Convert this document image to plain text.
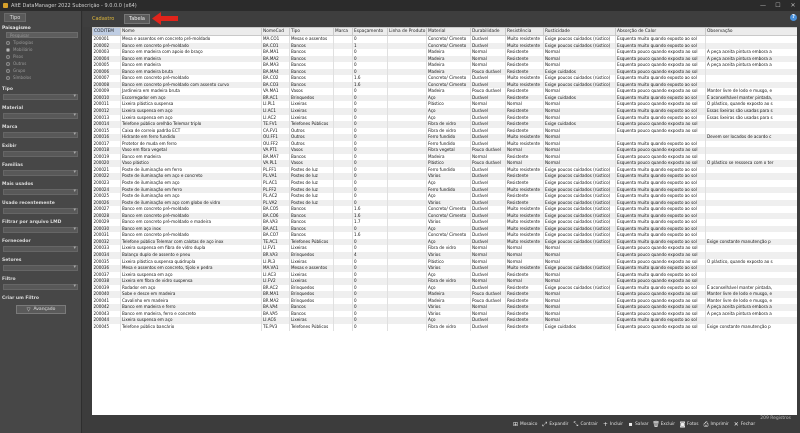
AltE DataManager 2022 Subscrição - 9.0.0.0 (x64)	—	☐	✕
Tipo
Paisagismo
Pesquisar
Tipologias
Mobiliário
Pisos
Outros
Grupo
Símbolos
Tipo
▾
Material
▾
Marca
▾
Exibir
▾
Familias
▾
Mais usados
▾
Usado recentemente
▾
Filtrar por arquivo LMD
▾
Fornecedor
▾
Setores
▾
Filtro
▾
Criar um Filtro
▽ Avançado
Cadastro	Tabela	?
CODITEM	Nome	NomeCod	Tipo	Marca	Espaçamento	Linha de Produto	Material	Durabilidade	Resistência	Rusticidade	Absorção de Calor	Observação
200001	Mesa e assentos em concreto pré-moldado	MA.CO1	Mesas e assentos		0		Concreto/ Cimento	Durável	Muito resistente	Exige poucos cuidados (rústico)	Esquenta muito quando exposto ao sol	
200002	Banco em concreto pré-moldado	BA.CO1	Bancos		1		Concreto/ Cimento	Durável	Muito resistente	Exige poucos cuidados (rústico)	Esquenta muito quando exposto ao sol	
200003	Banco em madeira com apoio de braço	BA.MA1	Bancos		0		Madeira	Normal	Resistente	Normal	Esquenta pouco quando exposto ao sol	A peça aceita pintura embora a
200004	Banco em madeira	BA.MA2	Bancos		0		Madeira	Normal	Resistente	Normal	Esquenta pouco quando exposto ao sol	A peça aceita pintura embora a
200005	Banco em madeira	BA.MA3	Bancos		0		Madeira	Normal	Resistente	Normal	Esquenta pouco quando exposto ao sol	A peça aceita pintura embora a
200006	Banco em madeira bruta	BA.MA4	Bancos		0		Madeira	Pouco durável	Resistente	Exige cuidados	Esquenta pouco quando exposto ao sol	
200007	Banco em concreto pré-moldado	BA.CO2	Bancos		1.6		Concreto/ Cimento	Durável	Muito resistente	Exige poucos cuidados (rústico)	Esquenta muito quando exposto ao sol	
200008	Banco em concreto pré-moldado com assento curvo	BA.CO3	Bancos		1.6		Concreto/ Cimento	Durável	Muito resistente	Exige poucos cuidados (rústico)	Esquenta muito quando exposto ao sol	
200009	Jardineira em madeira bruta	VA.MA1	Vasos		0		Madeira	Pouco durável	Resistente	Normal	Esquenta pouco quando exposto ao sol	Manter livre de lodo e musgo, e
200010	Escorregador em aço	BR.AC1	Brinquedos		0		Aço	Durável	Resistente	Exige cuidados	Esquenta muito quando exposto ao sol	É aconselhável manter pintada,
200011	Lixeira plástica suspensa	LI.PL1	Lixeiras		0		Plástico	Normal	Normal	Normal	Esquenta pouco quando exposto ao sol	O plástico, quando exposto ao s
200012	Lixeira suspensa em aço	LI.AC1	Lixeiras		0		Aço	Durável	Resistente	Normal	Esquenta muito quando exposto ao sol	Essas lixeiras são usadas para s
200013	Lixeira suspensa em aço	LI.AC2	Lixeiras		0		Aço	Durável	Resistente	Normal	Esquenta muito quando exposto ao sol	Essas lixeiras são usadas para s
200014	Telefone público orelhão Telemar triplo	TE.FV1	Telefones Públicos		0		Fibra de vidro	Durável	Resistente	Exige cuidados	Esquenta pouco quando exposto ao sol	
200015	Caixa de correio padrão ECT	CA.FV1	Outros		0		Fibra de vidro	Durável	Resistente	Normal	Esquenta pouco quando exposto ao sol	
200016	Hidrante em ferro fundido	OU.FF1	Outros		0		Ferro fundido	Durável	Muito resistente	Normal		Devem ser locados de acordo c
200017	Protetor de muda em ferro	OU.FF2	Outros		0		Ferro fundido	Durável	Muito resistente	Normal	Esquenta muito quando exposto ao sol	
200018	Vaso em fibra vegetal	VA.PT1	Vasos		0		Fibra vegetal	Pouco durável	Normal	Normal	Esquenta pouco quando exposto ao sol	
200019	Banco em madeira	BA.MA7	Bancos		0		Madeira	Normal	Resistente	Normal	Esquenta pouco quando exposto ao sol	
200020	Vaso plástico	VA.PL1	Vasos		0		Plástico	Pouco durável	Normal	Normal	Esquenta pouco quando exposto ao sol	O plástico se ressseca com o ter
200021	Poste de iluminação em ferro	PL.FF1	Postes de luz		0		Ferro fundido	Durável	Muito resistente	Exige poucos cuidados (rústico)	Esquenta muito quando exposto ao sol	
200022	Poste de iluminação em aço e concreto	PL.VA1	Postes de luz		0		Vários	Durável	Resistente	Exige poucos cuidados (rústico)	Esquenta muito quando exposto ao sol	
200023	Poste de iluminação em aço	PL.AC1	Postes de luz		0		Aço	Durável	Resistente	Exige poucos cuidados (rústico)	Esquenta muito quando exposto ao sol	
200024	Poste de iluminação em ferro	PL.FF2	Postes de luz		0		Ferro fundido	Durável	Muito resistente	Exige poucos cuidados (rústico)	Esquenta muito quando exposto ao sol	
200025	Poste de iluminação em aço	PL.AC2	Postes de luz		0		Aço	Durável	Resistente	Exige poucos cuidados (rústico)	Esquenta muito quando exposto ao sol	
200026	Poste de iluminação em aço com globo de vidro	PL.VA2	Postes de luz		0		Vários	Durável	Resistente	Exige poucos cuidados (rústico)	Esquenta muito quando exposto ao sol	
200027	Banco em concreto pré-moldado	BA.CO5	Bancos		1.6		Concreto/ Cimento	Durável	Muito resistente	Exige poucos cuidados (rústico)	Esquenta muito quando exposto ao sol	
200028	Banco em concreto pré-moldado	BA.CO6	Bancos		1.6		Concreto/ Cimento	Durável	Muito resistente	Exige poucos cuidados (rústico)	Esquenta muito quando exposto ao sol	
200029	Banco em concreto pré-moldado e madeira	BA.VA3	Bancos		1.7		Vários	Durável	Muito resistente	Exige poucos cuidados (rústico)	Esquenta muito quando exposto ao sol	
200030	Banco em aço inox	BA.AC1	Bancos		0		Aço	Durável	Muito resistente	Exige poucos cuidados (rústico)	Esquenta muito quando exposto ao sol	
200031	Banco em concreto pré-moldado	BA.CO7	Bancos		1.6		Concreto/ Cimento	Durável	Muito resistente	Exige poucos cuidados (rústico)	Esquenta muito quando exposto ao sol	
200032	Telefone público Telemar com calotas de aço inox	TE.AC1	Telefones Públicos		0		Aço	Durável	Muito resistente	Exige poucos cuidados (rústico)	Esquenta muito quando exposto ao sol	Exige constante manutenção p
200033	Lixeira suspensa em fibra de vidro dupla	LI.FV1	Lixeiras		0		Fibra de vidro	Normal	Normal	Normal	Esquenta pouco quando exposto ao sol	
200034	Balanço duplo de assento e pneu	BR.VA3	Brinquedos		4		Vários	Normal	Normal	Normal	Esquenta pouco quando exposto ao sol	
200035	Lixeira plástica suspensa quádrupla	LI.PL3	Lixeiras		0		Plástico	Normal	Normal	Normal	Esquenta pouco quando exposto ao sol	O plástico, quando exposto ao s
200036	Mesa e assentos em concreto, tijolo e pedra	MA.VA1	Mesas e assentos		0		Vários	Durável	Muito resistente	Exige poucos cuidados (rústico)	Esquenta muito quando exposto ao sol	
200037	Lixeira suspensa em aço	LI.AC3	Lixeiras		0		Aço	Durável	Resistente	Normal	Esquenta muito quando exposto ao sol	
200038	Lixeira em fibra de vidro suspensa	LI.FV2	Lixeiras		0		Fibra de vidro	Normal	Normal	Normal	Esquenta pouco quando exposto ao sol	
200039	Rodador em aço	BR.AC2	Brinquedos		0		Aço	Durável	Resistente	Exige poucos cuidados (rústico)	Esquenta muito quando exposto ao sol	É aconselhável manter pintada,
200040	Sobe e desce em madeira	BR.MA1	Brinquedos		0		Madeira	Pouco durável	Resistente	Normal	Esquenta pouco quando exposto ao sol	Manter livre de lodo e musgo, e
200041	Cavalinho em madeira	BR.MA2	Brinquedos		0		Madeira	Pouco durável	Resistente	Normal	Esquenta pouco quando exposto ao sol	Manter livre de lodo e musgo, e
200042	Banco em madeira e ferro	BA.VA4	Bancos		0		Vários	Normal	Resistente	Normal	Esquenta pouco quando exposto ao sol	A peça aceita pintura embora a
200043	Banco em madeira, ferro e concreto	BA.VA5	Bancos		0		Vários	Normal	Resistente	Normal	Esquenta pouco quando exposto ao sol	A peça aceita pintura embora a
200044	Lixeira suspensa em aço	LI.AC6	Lixeiras		0		Aço	Durável	Resistente	Normal	Esquenta muito quando exposto ao sol	
200045	Telefone público bancário	TE.PV3	Telefones Públicos		0		Fibra de vidro	Durável	Resistente	Exige cuidados	Esquenta pouco quando exposto ao sol	Exige constante manutenção p
209 Registros
⊞ Mosaico ⤢ Expandir ⤡ Contrair + Incluir ▪ Salvar 🗑 Excluir ◙ Fotos ⎙ Imprimir ✕ Fechar
